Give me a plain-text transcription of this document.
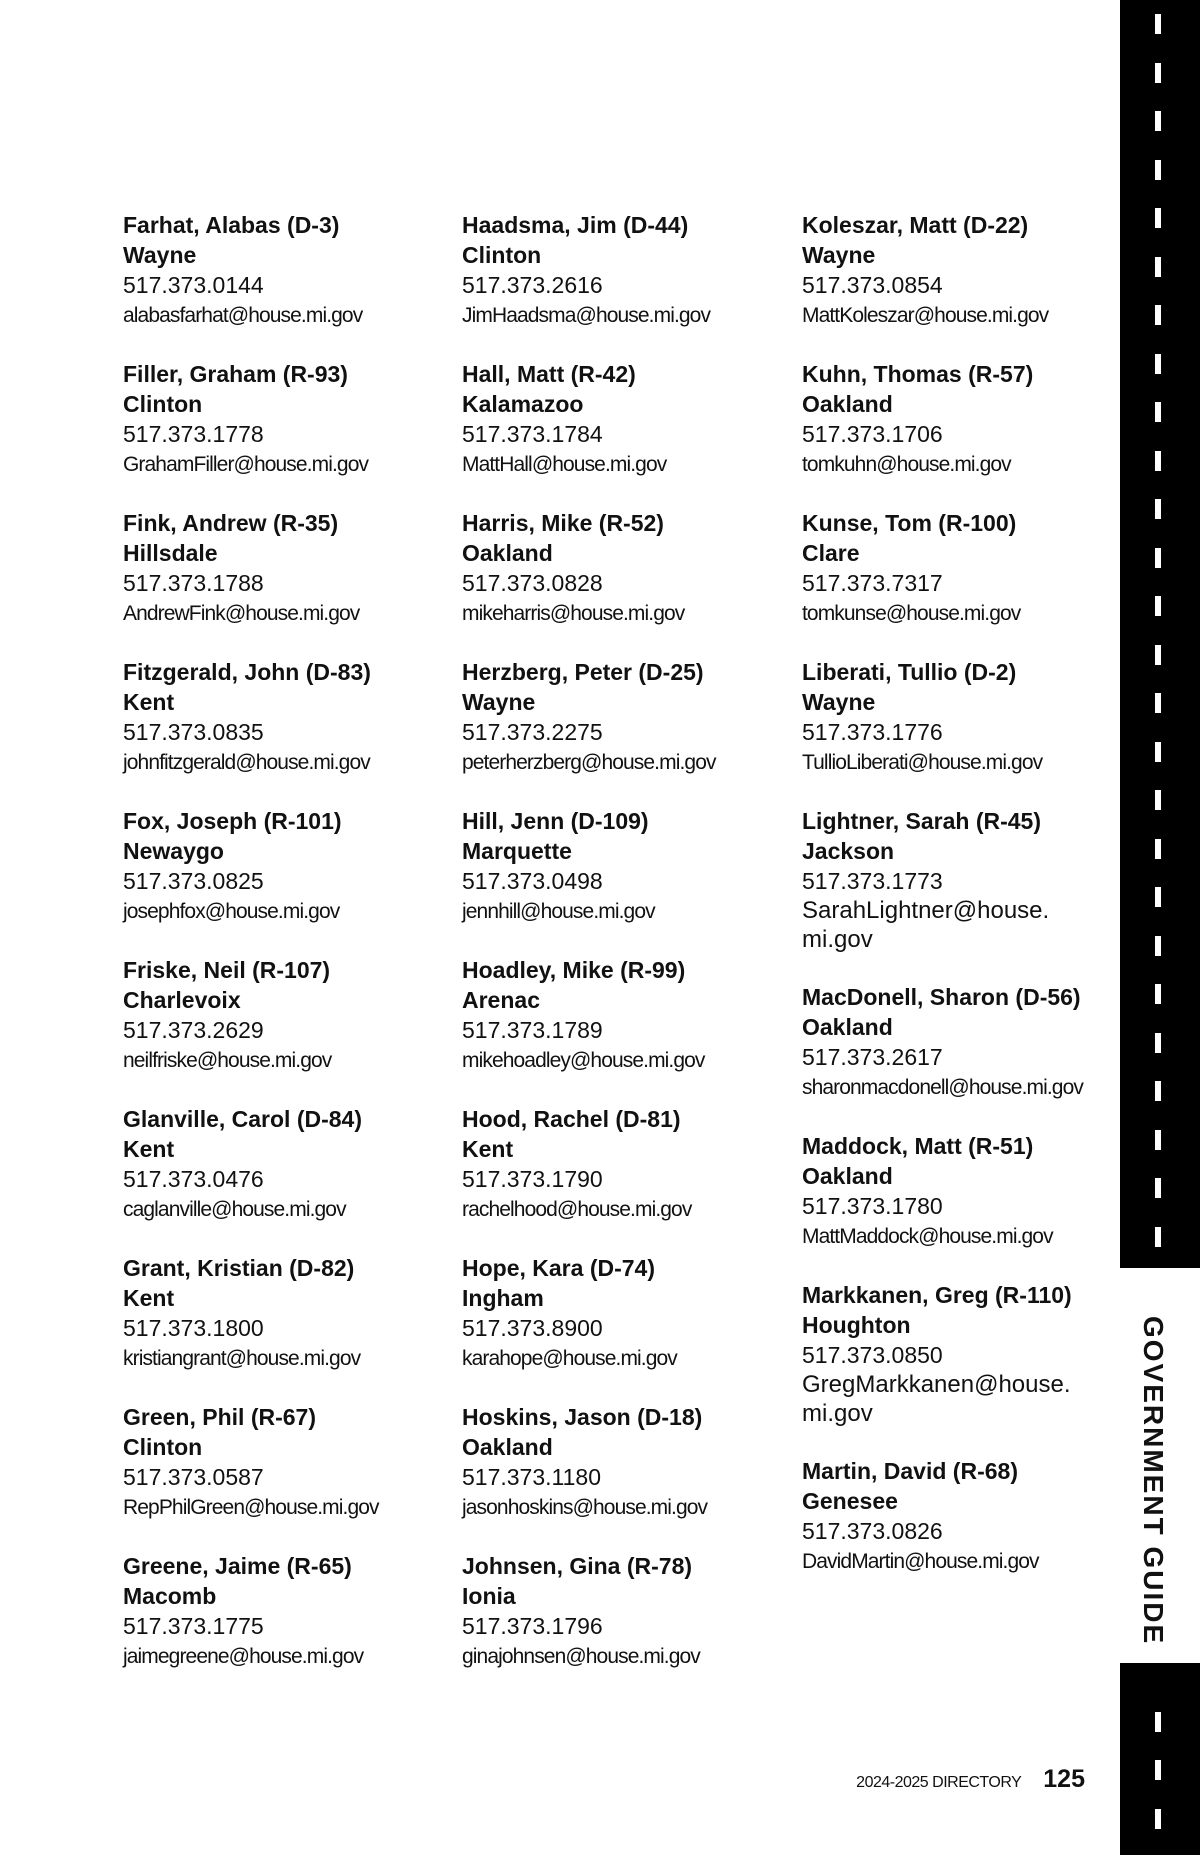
Farhat, Alabas (D-3)
Wayne
517.373.0144
alabasfarhat@house.mi.gov
Filler, Graham (R-93)
Clinton
517.373.1778
GrahamFiller@house.mi.gov
Fink, Andrew (R-35)
Hillsdale
517.373.1788
AndrewFink@house.mi.gov
Fitzgerald, John (D-83)
Kent
517.373.0835
johnfitzgerald@house.mi.gov
Fox, Joseph (R-101)
Newaygo
517.373.0825
josephfox@house.mi.gov
Friske, Neil (R-107)
Charlevoix
517.373.2629
neilfriske@house.mi.gov
Glanville, Carol (D-84)
Kent
517.373.0476
caglanville@house.mi.gov
Grant, Kristian (D-82)
Kent
517.373.1800
kristiangrant@house.mi.gov
Green, Phil (R-67)
Clinton
517.373.0587
RepPhilGreen@house.mi.gov
Greene, Jaime (R-65)
Macomb
517.373.1775
jaimegreene@house.mi.gov
Haadsma, Jim (D-44)
Clinton
517.373.2616
JimHaadsma@house.mi.gov
Hall, Matt (R-42)
Kalamazoo
517.373.1784
MattHall@house.mi.gov
Harris, Mike (R-52)
Oakland
517.373.0828
mikeharris@house.mi.gov
Herzberg, Peter (D-25)
Wayne
517.373.2275
peterherzberg@house.mi.gov
Hill, Jenn (D-109)
Marquette
517.373.0498
jennhill@house.mi.gov
Hoadley, Mike (R-99)
Arenac
517.373.1789
mikehoadley@house.mi.gov
Hood, Rachel (D-81)
Kent
517.373.1790
rachelhood@house.mi.gov
Hope, Kara (D-74)
Ingham
517.373.8900
karahope@house.mi.gov
Hoskins, Jason (D-18)
Oakland
517.373.1180
jasonhoskins@house.mi.gov
Johnsen, Gina (R-78)
Ionia
517.373.1796
ginajohnsen@house.mi.gov
Koleszar, Matt (D-22)
Wayne
517.373.0854
MattKoleszar@house.mi.gov
Kuhn, Thomas (R-57)
Oakland
517.373.1706
tomkuhn@house.mi.gov
Kunse, Tom (R-100)
Clare
517.373.7317
tomkunse@house.mi.gov
Liberati, Tullio (D-2)
Wayne
517.373.1776
TullioLiberati@house.mi.gov
Lightner, Sarah (R-45)
Jackson
517.373.1773
SarahLightner@house.​mi.gov
MacDonell, Sharon (D-56)
Oakland
517.373.2617
sharonmacdonell@house.mi.gov
Maddock, Matt (R-51)
Oakland
517.373.1780
MattMaddock@house.mi.gov
Markkanen, Greg (R-110)
Houghton
517.373.0850
GregMarkkanen@house.​mi.gov
Martin, David (R-68)
Genesee
517.373.0826
DavidMartin@house.mi.gov	GOVERNMENT GUIDE
2024-2025 DIRECTORY 125
